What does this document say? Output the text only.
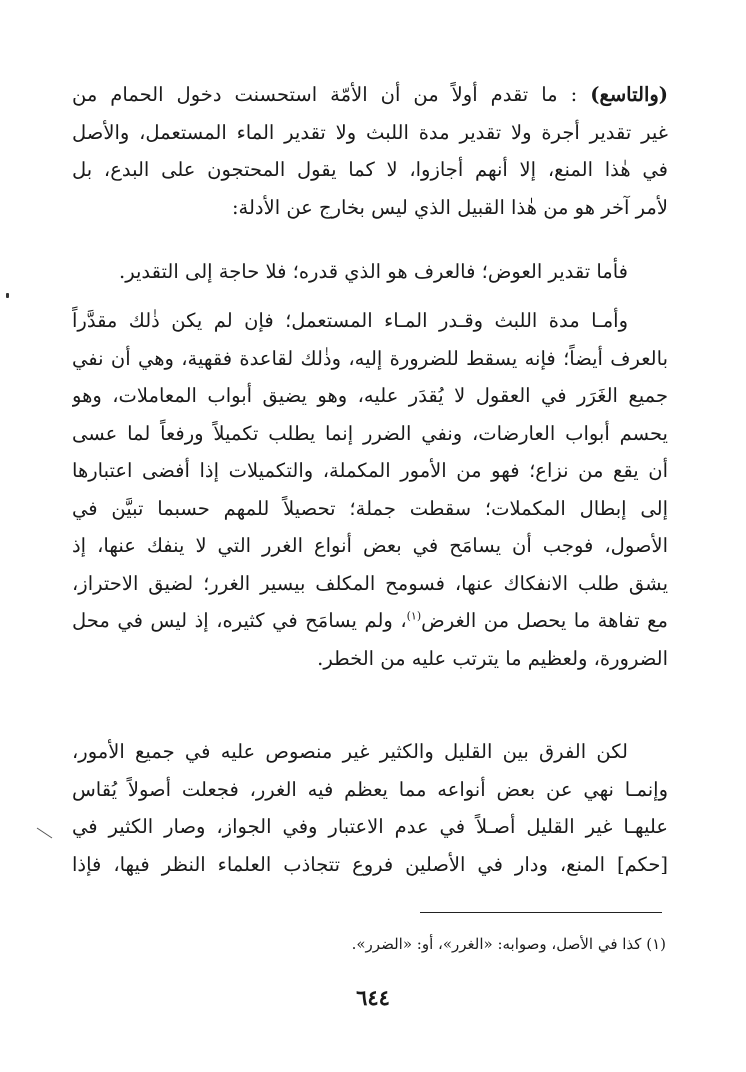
(والتاسع) : ما تقدم أولاً من أن الأمّة استحسنت دخول الحمام من
غير تقدير أجرة ولا تقدير مدة اللبث ولا تقدير الماء المستعمل، والأصل
في هٰذا المنع، إلا أنهم أجازوا، لا كما يقول المحتجون على البدع، بل
لأمر آخر هو من هٰذا القبيل الذي ليس بخارج عن الأدلة:
فأما تقدير العوض؛ فالعرف هو الذي قدره؛ فلا حاجة إلى التقدير.
وأمـا مدة اللبث وقـدر المـاء المستعمل؛ فإن لم يكن ذٰلك مقدَّراً
بالعرف أيضاً؛ فإنه يسقط للضرورة إليه، وذٰلك لقاعدة فقهية، وهي أن نفي
جميع الغَرَر في العقول لا يُقدَر عليه، وهو يضيق أبواب المعاملات، وهو
يحسم أبواب العارضات، ونفي الضرر إنما يطلب تكميلاً ورفعاً لما عسى
أن يقع من نزاع؛ فهو من الأمور المكملة، والتكميلات إذا أفضى اعتبارها
إلى إبطال المكملات؛ سقطت جملة؛ تحصيلاً للمهم حسبما تبيَّن في
الأصول، فوجب أن يسامَح في بعض أنواع الغرر التي لا ينفك عنها، إذ
يشق طلب الانفكاك عنها، فسومح المكلف بيسير الغرر؛ لضيق الاحتراز،
مع تفاهة ما يحصل من الغرض$^{(١)}$، ولم يسامَح في كثيره، إذ ليس في محل
الضرورة، ولعظيم ما يترتب عليه من الخطر.
لكن الفرق بين القليل والكثير غير منصوص عليه في جميع الأمور،
وإنمـا نهي عن بعض أنواعه مما يعظم فيه الغرر، فجعلت أصولاً يُقاس
عليهـا غير القليل أصـلاً في عدم الاعتبار وفي الجواز، وصار الكثير في
[حكم] المنع، ودار في الأصلين فروع تتجاذب العلماء النظر فيها، فإذا
(١) كذا في الأصل، وصوابه: «الغرر»، أو: «الضرر».
٦٤٤
